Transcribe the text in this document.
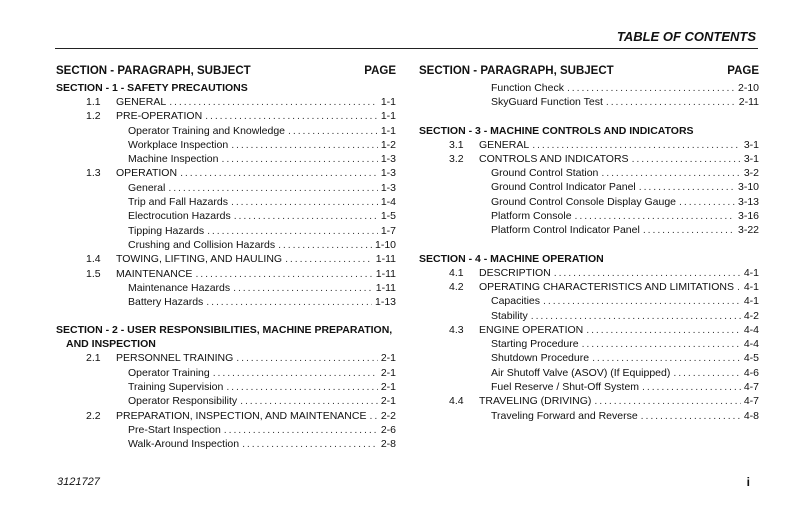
TABLE OF CONTENTS
SECTION - PARAGRAPH, SUBJECT	PAGE
SECTION - 1 - SAFETY PRECAUTIONS
1.1	GENERAL . . .	1-1
1.2	PRE-OPERATION . . .	1-1
Operator Training and Knowledge . . .	1-1
Workplace Inspection . . .	1-2
Machine Inspection . . .	1-3
1.3	OPERATION . . .	1-3
General . . .	1-3
Trip and Fall Hazards . . .	1-4
Electrocution Hazards . . .	1-5
Tipping Hazards . . .	1-7
Crushing and Collision Hazards . . .	1-10
1.4	TOWING, LIFTING, AND HAULING . . .	1-11
1.5	MAINTENANCE . . .	1-11
Maintenance Hazards . . .	1-11
Battery Hazards . . .	1-13
SECTION - 2 - USER RESPONSIBILITIES, MACHINE PREPARATION,
AND INSPECTION
2.1	PERSONNEL TRAINING . . .	2-1
Operator Training . . .	2-1
Training Supervision . . .	2-1
Operator Responsibility . . .	2-1
2.2	PREPARATION, INSPECTION, AND MAINTENANCE . . . 2-2
Pre-Start Inspection . . .	2-6
Walk-Around Inspection . . .	2-8
SECTION - PARAGRAPH, SUBJECT	PAGE
Function Check . . .	2-10
SkyGuard Function Test . . .	2-11
SECTION - 3 - MACHINE CONTROLS AND INDICATORS
3.1	GENERAL . . .	3-1
3.2	CONTROLS AND INDICATORS . . .	3-1
Ground Control Station . . .	3-2
Ground Control Indicator Panel . . .	3-10
Ground Control Console Display Gauge . . .	3-13
Platform Console . . .	3-16
Platform Control Indicator Panel . . .	3-22
SECTION - 4 - MACHINE OPERATION
4.1	DESCRIPTION . . .	4-1
4.2	OPERATING CHARACTERISTICS AND LIMITATIONS . . . 4-1
Capacities . . .	4-1
Stability . . .	4-2
4.3	ENGINE OPERATION . . .	4-4
Starting Procedure . . .	4-4
Shutdown Procedure . . .	4-5
Air Shutoff Valve (ASOV) (If Equipped) . . .	4-6
Fuel Reserve / Shut-Off System . . .	4-7
4.4	TRAVELING (DRIVING) . . .	4-7
Traveling Forward and Reverse . . .	4-8
3121727	i
